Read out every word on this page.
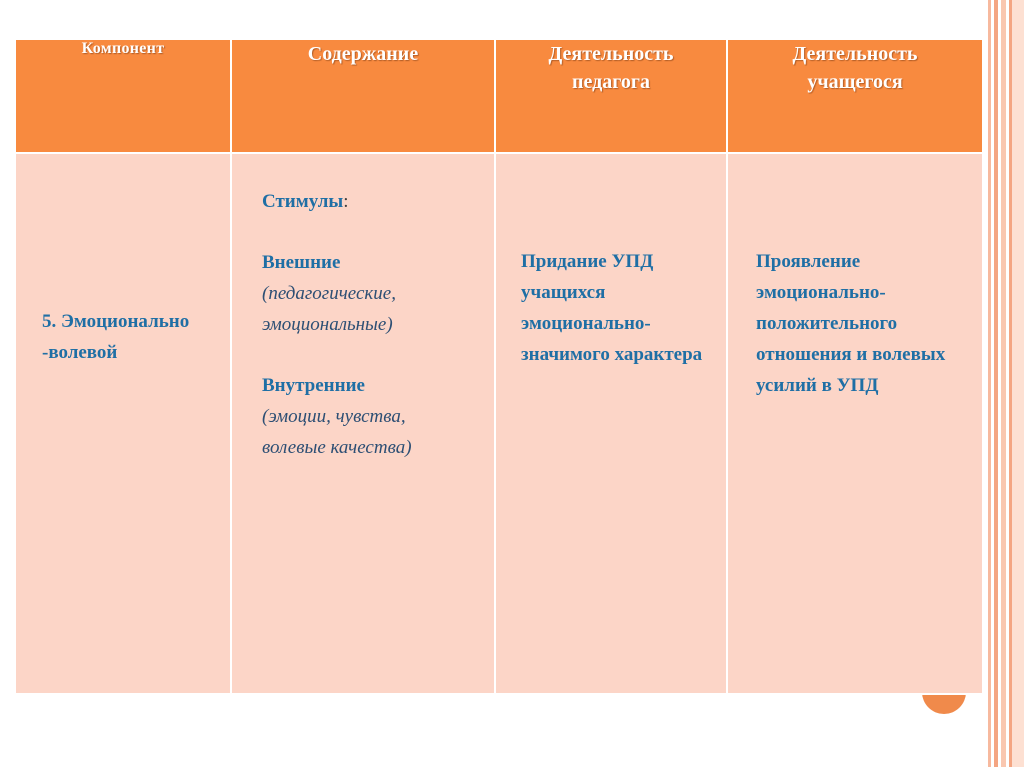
Компонент	Содержание	Деятельность педагога	Деятельность учащегося

5. Эмоционально -волевой	Стимулы:
Внешние
(педагогические, эмоциональные)
Внутренние
(эмоции, чувства, волевые качества)	Придание УПД учащихся эмоционально-значимого характера	Проявление эмоционально-положительного отношения и волевых усилий в УПД
